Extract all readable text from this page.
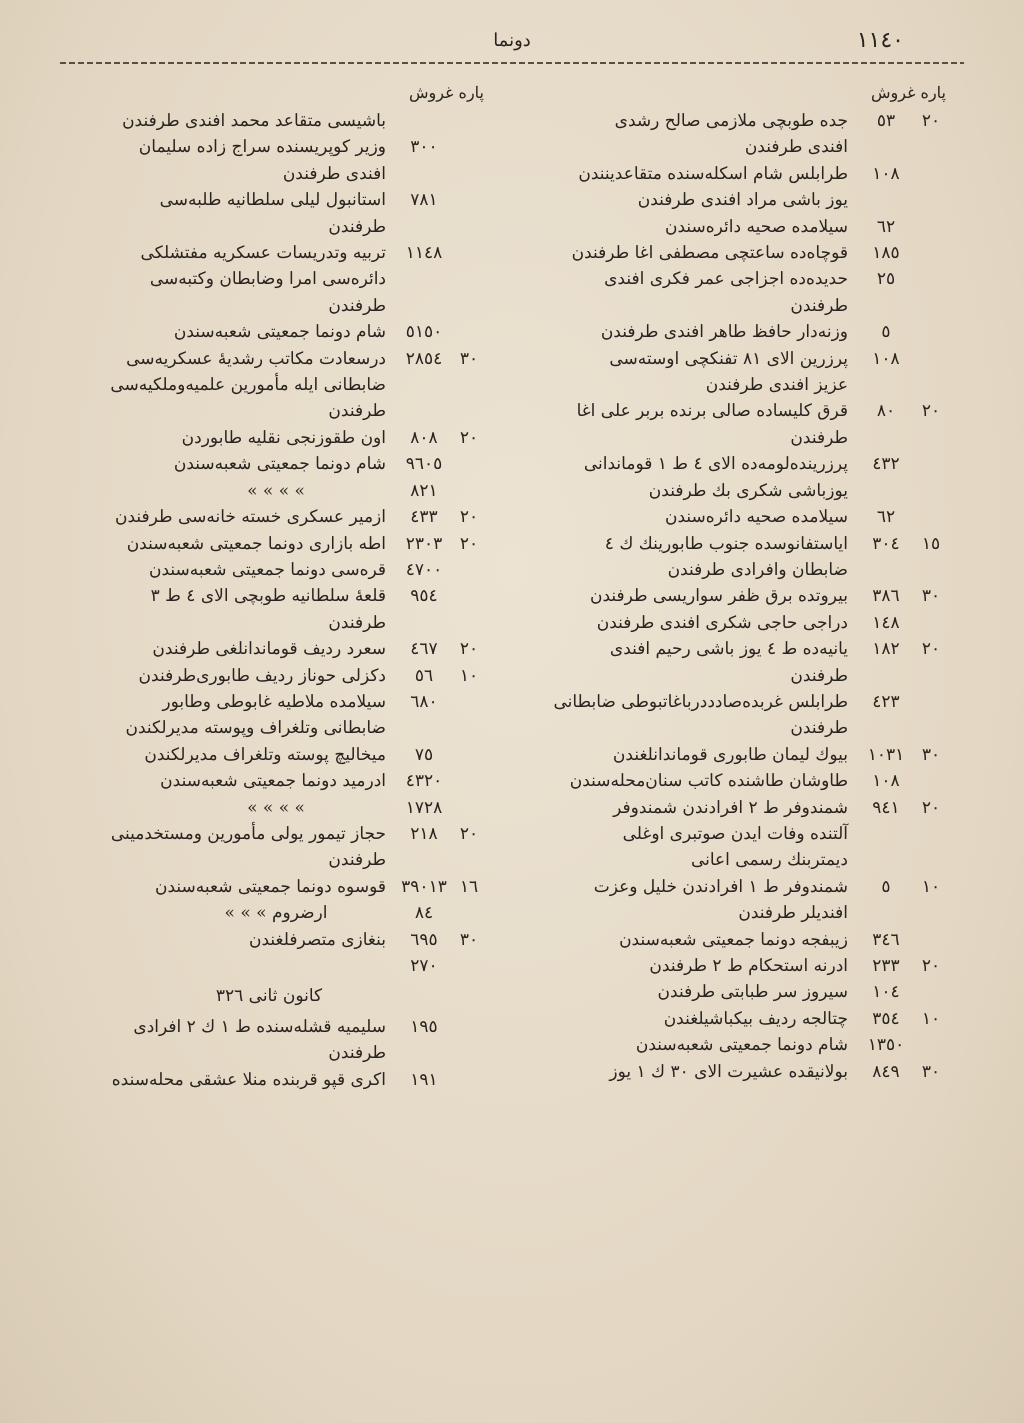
١١٤٠
دونما
پاره غروش
٢٠
٥٣
جده طوبچی ملازمی صالح رشدی
افندی طرفندن
١٠٨
طرابلس شام اسکله‌سنده متقاعدینندن
یوز باشی مراد افندی طرفندن
٦٢
سیلامده صحیه دائره‌سندن
١٨٥
قوچاه‌ده ساعتچی مصطفی اغا طرفندن
٢٥
حدیده‌ده اجزاجی عمر فکری افندی
طرفندن
٥
وزنه‌دار حافظ طاهر افندی طرفندن
١٠٨
پرزرین الای ٨١ تفنکچی اوسته‌سی
عزیز افندی طرفندن
٢٠
٨٠
قرق کلیساده صالی برنده بربر علی اغا
طرفندن
٤٣٢
پرزرینده‌لومه‌ده الای ٤ ط ١ قوماندانی
یوزباشی شکری بك طرفندن
٦٢
سیلامده صحیه دائره‌سندن
١٥
٣٠٤
ایاستفانوسده جنوب طابورینك ك ٤
ضابطان وافرادی طرفندن
٣٠
٣٨٦
بیروتده برق ظفر سواریسی طرفندن
١٤٨
دراجی حاجی شکری افندی طرفندن
٢٠
١٨٢
یانیه‌ده ط ٤ یوز باشی رحیم افندی
طرفندن
٤٢٣
طرابلس غربده‌صادددرباغاتبوطی ضابطانی
طرفندن
٣٠
١٠٣١
بیوك لیمان طابوری قوماندانلغندن
١٠٨
طاوشان طاشنده کاتب سنان‌محله‌سندن
٢٠
٩٤١
شمندوفر ط ٢ افرادندن شمندوفر
آلتنده وفات ایدن صوتبری اوغلی
دیمتربنك رسمی اعانی
١٠
٥
شمندوفر ط ١ افرادندن خلیل وعزت
افندیلر طرفندن
٣٤٦
زیبفجه دونما جمعیتی شعبه‌سندن
٢٠
٢٣٣
ادرنه استحکام ط ٢ طرفندن
١٠٤
سیروز سر طبابتی طرفندن
١٠
٣٥٤
چتالجه ردیف بیکباشیلغندن
١٣٥٠
شام دونما جمعیتی شعبه‌سندن
٣٠
٨٤٩
بولانیقده عشیرت الای ٣٠ ك ١ یوز
پاره غروش
باشیسی متقاعد محمد افندی طرفندن
٣٠٠
وزیر کوپریسنده سراج زاده سلیمان
افندی طرفندن
٧٨١
استانبول لیلی سلطانیه طلبه‌سی
طرفندن
١١٤٨
تربیه وتدریسات عسکریه مفتشلکی
دائره‌سی امرا وضابطان وکتبه‌سی
طرفندن
٥١٥٠
شام دونما جمعیتی شعبه‌سندن
٣٠
٢٨٥٤
درسعادت مکاتب رشدیهٔ عسکریه‌سی
ضابطانی ایله مأمورین علمیه‌وملکیه‌سی
طرفندن
٢٠
٨٠٨
اون طقوزنجی نقلیه طابوردن
٩٦٠٥
شام دونما جمعیتی شعبه‌سندن
٨٢١
» » » »
٢٠
٤٣٣
ازمیر عسکری خسته خانه‌سی طرفندن
٢٠
٢٣٠٣
اطه بازاری دونما جمعیتی شعبه‌سندن
٤٧٠٠
قره‌سی دونما جمعیتی شعبه‌سندن
٩٥٤
قلعهٔ سلطانیه طوبچی الای ٤ ط ٣
طرفندن
٢٠
٤٦٧
سعرد ردیف قوماندانلغی طرفندن
١٠
٥٦
دکزلی حوناز ردیف طابوری‌طرفندن
٦٨٠
سیلامده ملاطیه غابوطی وطابور
ضابطانی وتلغراف وپوسته مدیرلکندن
٧٥
میخالیچ پوسته وتلغراف مدیرلکندن
٤٣٢٠
ادرمید دونما جمعیتی شعبه‌سندن
١٧٢٨
» » » »
٢٠
٢١٨
حجاز تیمور یولی مأمورین ومستخدمینی
طرفندن
١٦
٣٩٠١٣
قوسوه دونما جمعیتی شعبه‌سندن
٨٤
ارضروم » » »
٣٠
٦٩٥
بنغازی متصرفلغندن
٢٧٠
كانون ثانى ٣٢٦
١٩٥
سلیمیه قشله‌سنده ط ١ ك ٢ افرادی
طرفندن
١٩١
اکری قپو قربنده منلا عشقی محله‌سنده
